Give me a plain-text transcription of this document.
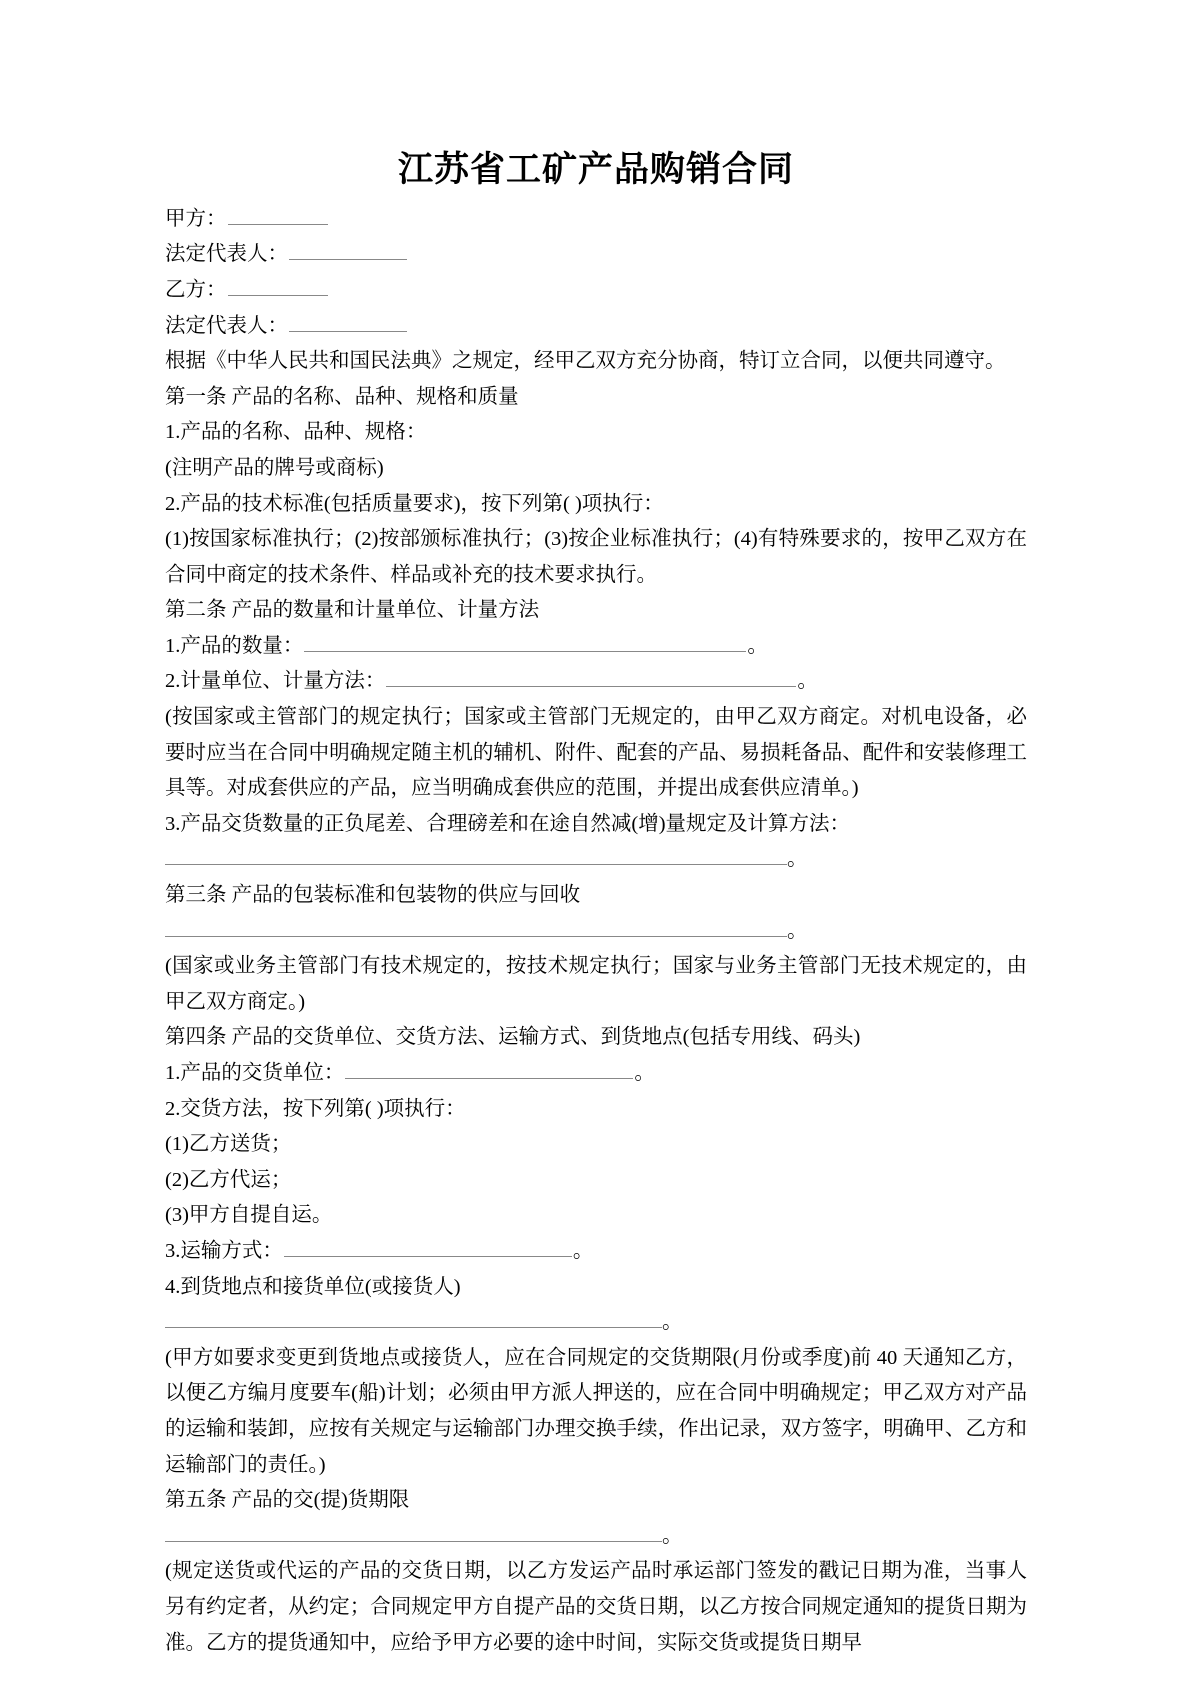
江苏省工矿产品购销合同

甲方：

法定代表人：

乙方：

法定代表人：

根据《中华人民共和国民法典》之规定，经甲乙双方充分协商，特订立合同，以便共同遵守。

第一条 产品的名称、品种、规格和质量

1.产品的名称、品种、规格：

(注明产品的牌号或商标)

2.产品的技术标准(包括质量要求)，按下列第( )项执行：

(1)按国家标准执行；(2)按部颁标准执行；(3)按企业标准执行；(4)有特殊要求的，按甲乙双方在合同中商定的技术条件、样品或补充的技术要求执行。

第二条 产品的数量和计量单位、计量方法

1.产品的数量：	。

2.计量单位、计量方法：	。

(按国家或主管部门的规定执行；国家或主管部门无规定的，由甲乙双方商定。对机电设备，必要时应当在合同中明确规定随主机的辅机、附件、配套的产品、易损耗备品、配件和安装修理工具等。对成套供应的产品，应当明确成套供应的范围，并提出成套供应清单。)

3.产品交货数量的正负尾差、合理磅差和在途自然减(增)量规定及计算方法：

。

第三条 产品的包装标准和包装物的供应与回收

。

(国家或业务主管部门有技术规定的，按技术规定执行；国家与业务主管部门无技术规定的，由甲乙双方商定。)

第四条 产品的交货单位、交货方法、运输方式、到货地点(包括专用线、码头)

1.产品的交货单位：	。

2.交货方法，按下列第( )项执行：

(1)乙方送货；

(2)乙方代运；

(3)甲方自提自运。

3.运输方式：	。

4.到货地点和接货单位(或接货人)

。

(甲方如要求变更到货地点或接货人，应在合同规定的交货期限(月份或季度)前 40 天通知乙方，以便乙方编月度要车(船)计划；必须由甲方派人押送的，应在合同中明确规定；甲乙双方对产品的运输和装卸，应按有关规定与运输部门办理交换手续，作出记录，双方签字，明确甲、乙方和运输部门的责任。)

第五条 产品的交(提)货期限

。

(规定送货或代运的产品的交货日期，以乙方发运产品时承运部门签发的戳记日期为准，当事人另有约定者，从约定；合同规定甲方自提产品的交货日期，以乙方按合同规定通知的提货日期为准。乙方的提货通知中，应给予甲方必要的途中时间，实际交货或提货日期早
